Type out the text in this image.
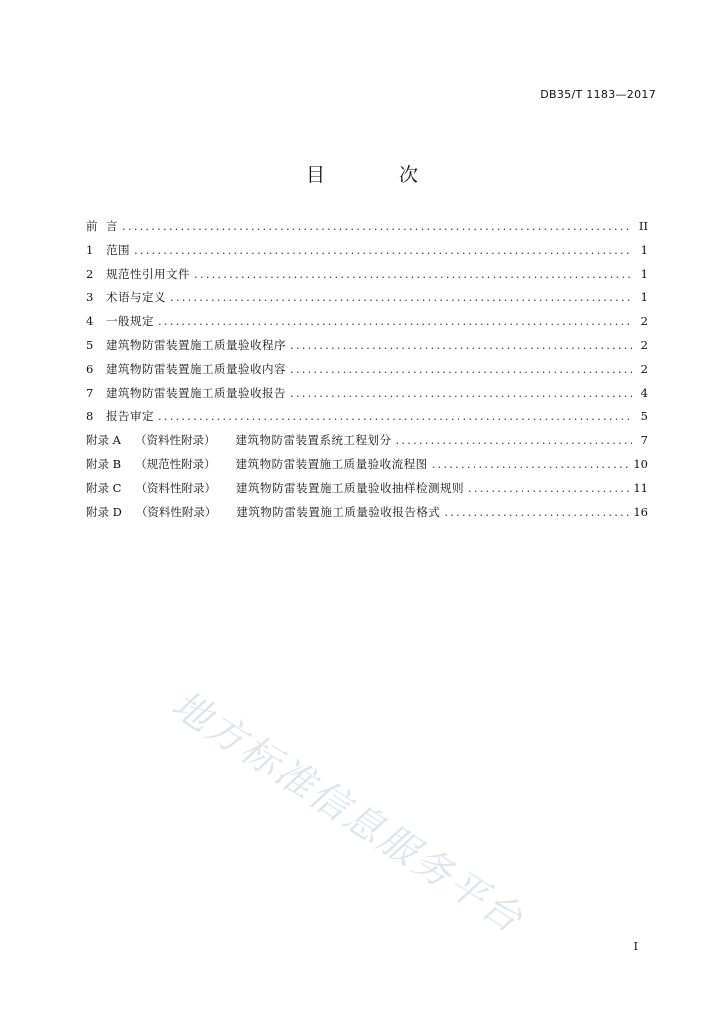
DB35/T 1183—2017
目 次
前 言 .....	II
1	范围 .....	1
2	规范性引用文件 .....	1
3	术语与定义 .....	1
4	一般规定 .....	2
5	建筑物防雷装置施工质量验收程序 .....	2
6	建筑物防雷装置施工质量验收内容 .....	2
7	建筑物防雷装置施工质量验收报告 .....	4
8	报告审定 .....	5
附录 A （资料性附录） 建筑物防雷装置系统工程划分 .....	7
附录 B （规范性附录） 建筑物防雷装置施工质量验收流程图 .....	10
附录 C （资料性附录） 建筑物防雷装置施工质量验收抽样检测规则 .....	11
附录 D （资料性附录） 建筑物防雷装置施工质量验收报告格式 .....	16
地方标准信息服务平台
I
